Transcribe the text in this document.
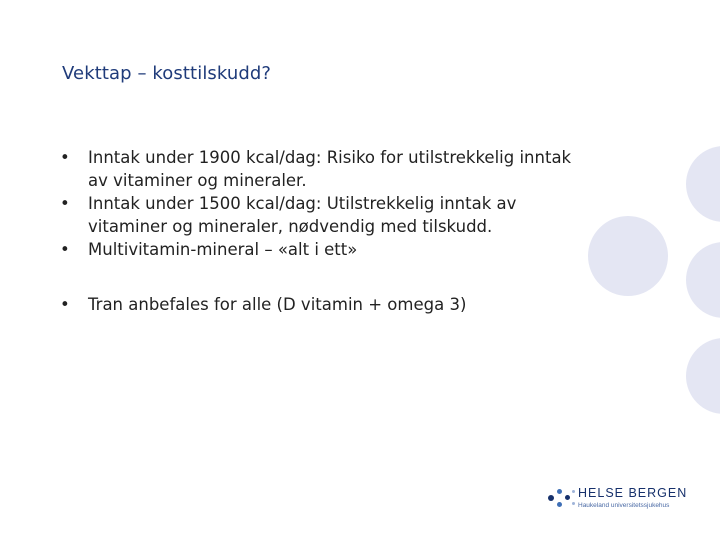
Vekttap – kosttilskudd?
• Inntak under 1900 kcal/dag: Risiko for utilstrekkelig inntak av vitaminer og mineraler.
• Inntak under 1500 kcal/dag: Utilstrekkelig inntak av vitaminer og mineraler, nødvendig med tilskudd.
• Multivitamin-mineral – «alt i ett»
• Tran anbefales for alle (D vitamin + omega 3)
HELSE BERGEN
Haukeland universitetssjukehus
